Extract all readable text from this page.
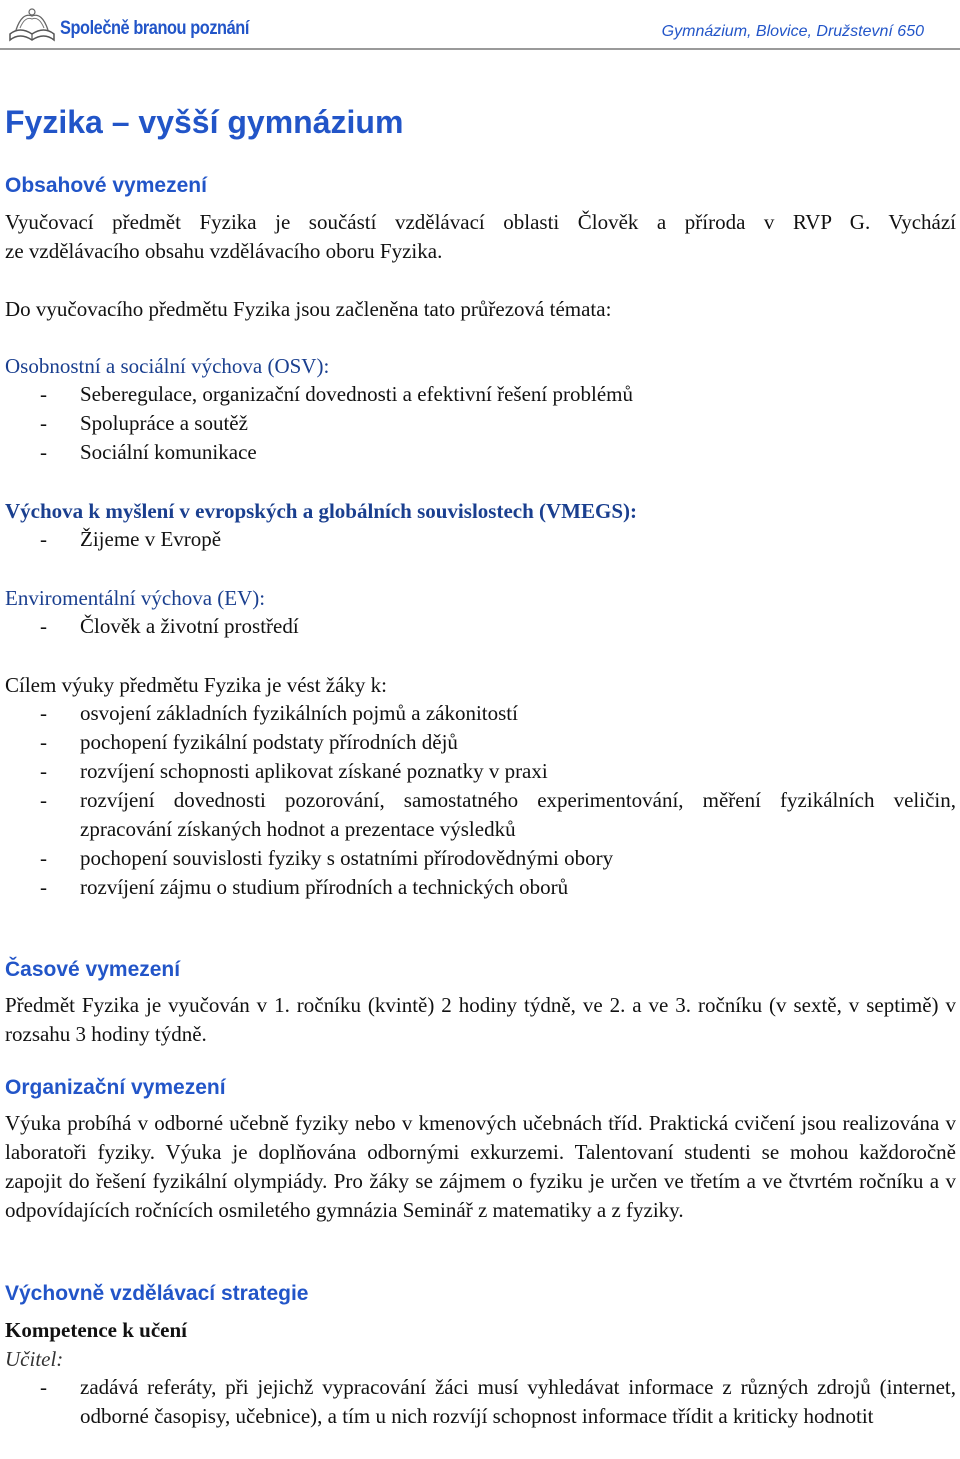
Společně branou poznání	Gymnázium, Blovice, Družstevní 650
Fyzika – vyšší gymnázium
Obsahové vymezení
Vyučovací předmět Fyzika je součástí vzdělávací oblasti Člověk a příroda v RVP G. Vychází
ze vzdělávacího obsahu vzdělávacího oboru Fyzika.
Do vyučovacího předmětu Fyzika jsou začleněna tato průřezová témata:
Osobnostní a sociální výchova (OSV):
- Seberegulace, organizační dovednosti a efektivní řešení problémů
- Spolupráce a soutěž
- Sociální komunikace
Výchova k myšlení v evropských a globálních souvislostech (VMEGS):
- Žijeme v Evropě
Enviromentální výchova (EV):
- Člověk a životní prostředí
Cílem výuky předmětu Fyzika je vést žáky k:
- osvojení základních fyzikálních pojmů a zákonitostí
- pochopení fyzikální podstaty přírodních dějů
- rozvíjení schopnosti aplikovat získané poznatky v praxi
- rozvíjení dovednosti pozorování, samostatného experimentování, měření fyzikálních veličin, zpracování získaných hodnot a prezentace výsledků
- pochopení souvislosti fyziky s ostatními přírodovědnými obory
- rozvíjení zájmu o studium přírodních a technických oborů
Časové vymezení
Předmět Fyzika je vyučován v 1. ročníku (kvintě) 2 hodiny týdně, ve 2. a ve 3. ročníku (v sextě, v septimě) v rozsahu 3 hodiny týdně.
Organizační vymezení
Výuka probíhá v odborné učebně fyziky nebo v kmenových učebnách tříd. Praktická cvičení jsou realizována v laboratoři fyziky. Výuka je doplňována odbornými exkurzemi. Talentovaní studenti se mohou každoročně zapojit do řešení fyzikální olympiády. Pro žáky se zájmem o fyziku je určen ve třetím a ve čtvrtém ročníku a v odpovídajících ročnících osmiletého gymnázia Seminář z matematiky a z fyziky.
Výchovně vzdělávací strategie
Kompetence k učení
Učitel:
- zadává referáty, při jejichž vypracování žáci musí vyhledávat informace z různých zdrojů (internet, odborné časopisy, učebnice), a tím u nich rozvíjí schopnost informace třídit a kriticky hodnotit
